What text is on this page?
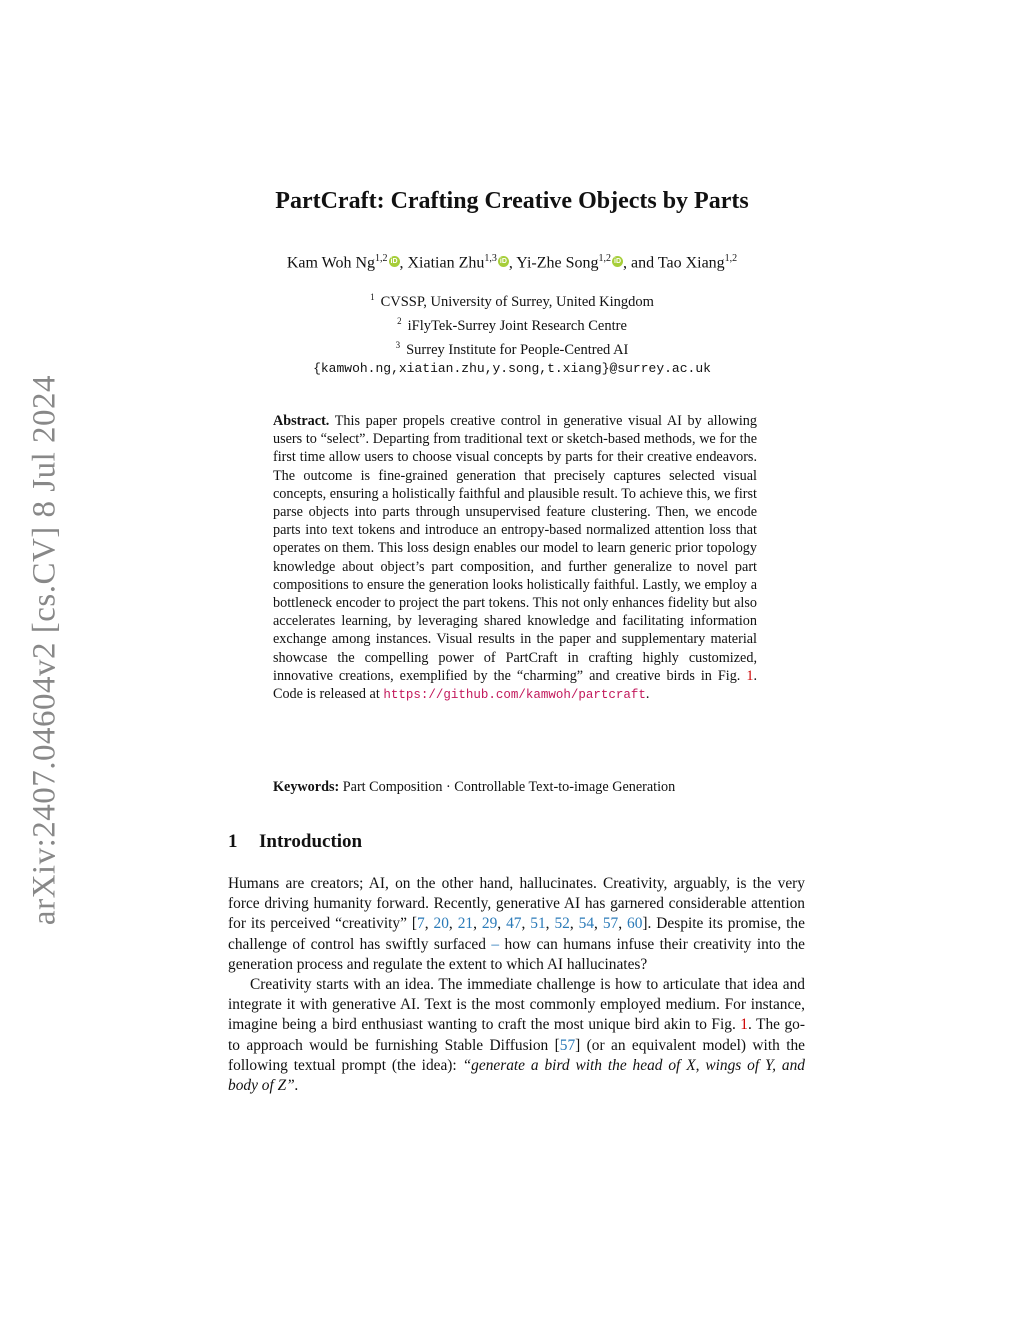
arXiv:2407.04604v2 [cs.CV] 8 Jul 2024
PartCraft: Crafting Creative Objects by Parts
Kam Woh Ng$^{1,2}$ iD , Xiatian Zhu$^{1,3}$ iD , Yi-Zhe Song$^{1,2}$ iD , and Tao Xiang$^{1,2}$
$^1$ CVSSP, University of Surrey, United Kingdom
$^2$ iFlyTek-Surrey Joint Research Centre
$^3$ Surrey Institute for People-Centred AI
{kamwoh.ng,xiatian.zhu,y.song,t.xiang}@surrey.ac.uk
Abstract. This paper propels creative control in generative visual AI by allowing users to “select”. Departing from traditional text or sketch-based methods, we for the first time allow users to choose visual concepts by parts for their creative endeavors. The outcome is fine-grained generation that precisely captures selected visual concepts, ensuring a holistically faithful and plausible result. To achieve this, we first parse objects into parts through unsupervised feature clustering. Then, we encode parts into text tokens and introduce an entropy-based normalized attention loss that operates on them. This loss design enables our model to learn generic prior topology knowledge about object’s part composition, and further generalize to novel part compositions to ensure the generation looks holistically faithful. Lastly, we employ a bottleneck encoder to project the part tokens. This not only enhances fidelity but also accelerates learning, by leveraging shared knowledge and facilitating information exchange among instances. Visual results in the paper and supplementary material showcase the compelling power of PartCraft in crafting highly customized, innovative creations, exemplified by the “charming” and creative birds in Fig. 1. Code is released at https://github.com/kamwoh/partcraft.
Keywords: Part Composition · Controllable Text-to-image Generation
1 Introduction

Humans are creators; AI, on the other hand, hallucinates. Creativity, arguably, is the very force driving humanity forward. Recently, generative AI has garnered considerable attention for its perceived “creativity” [7, 20, 21, 29, 47, 51, 52, 54, 57, 60]. Despite its promise, the challenge of control has swiftly surfaced – how can humans infuse their creativity into the generation process and regulate the extent to which AI hallucinates?

Creativity starts with an idea. The immediate challenge is how to articulate that idea and integrate it with generative AI. Text is the most commonly employed medium. For instance, imagine being a bird enthusiast wanting to craft the most unique bird akin to Fig. 1. The go-to approach would be furnishing Stable Diffusion [57] (or an equivalent model) with the following textual prompt (the idea): “generate a bird with the head of X, wings of Y, and body of Z”.
